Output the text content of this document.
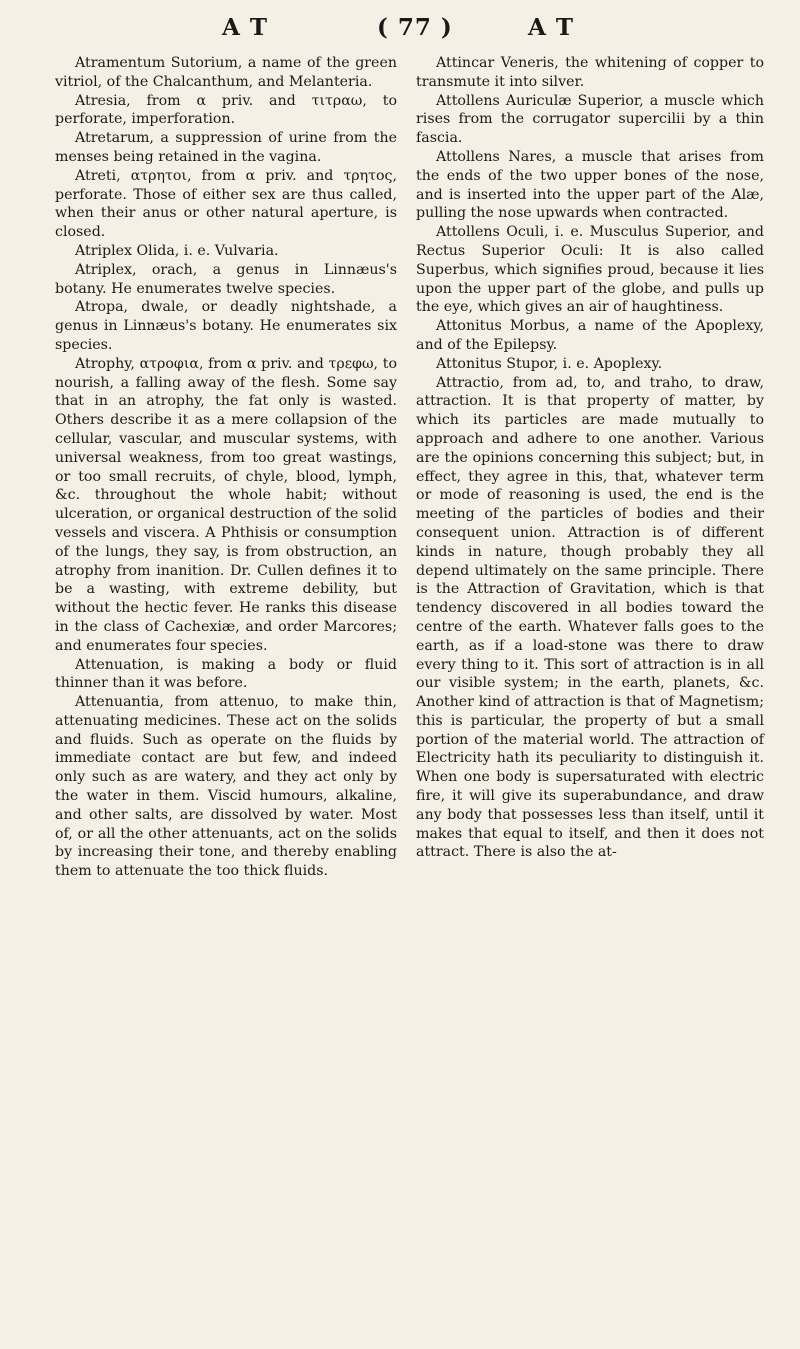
A T	( 77 )	A T

Atramentum Sutorium, a name of the green vitriol, of the Chalcanthum, and Melanteria.

Atresia, from α priv. and τιτραω, to perforate, imperforation.

Atretarum, a suppression of urine from the menses being retained in the vagina.

Atreti, ατρητοι, from α priv. and τρητος, perforate. Those of either sex are thus called, when their anus or other natural aperture, is closed.

Atriplex Olida, i. e. Vulvaria.

Atriplex, orach, a genus in Linnæus's botany. He enumerates twelve species.

Atropa, dwale, or deadly nightshade, a genus in Linnæus's botany. He enumerates six species.

Atrophy, ατροφια, from α priv. and τρεφω, to nourish, a falling away of the flesh. Some say that in an atrophy, the fat only is wasted. Others describe it as a mere collapsion of the cellular, vascular, and muscular systems, with universal weakness, from too great wastings, or too small recruits, of chyle, blood, lymph, &c. throughout the whole habit; without ulceration, or organical destruction of the solid vessels and viscera. A Phthisis or consumption of the lungs, they say, is from obstruction, an atrophy from inanition. Dr. Cullen defines it to be a wasting, with extreme debility, but without the hectic fever. He ranks this disease in the class of Cachexiæ, and order Marcores; and enumerates four species.

Attenuation, is making a body or fluid thinner than it was before.

Attenuantia, from attenuo, to make thin, attenuating medicines. These act on the solids and fluids. Such as operate on the fluids by immediate contact are but few, and indeed only such as are watery, and they act only by the water in them. Viscid humours, alkaline, and other salts, are dissolved by water. Most of, or all the other attenuants, act on the solids by increasing their tone, and thereby enabling them to attenuate the too thick fluids.

Attincar Veneris, the whitening of copper to transmute it into silver.

Attollens Auriculæ Superior, a muscle which rises from the corrugator supercilii by a thin fascia.

Attollens Nares, a muscle that arises from the ends of the two upper bones of the nose, and is inserted into the upper part of the Alæ, pulling the nose upwards when contracted.

Attollens Oculi, i. e. Musculus Superior, and Rectus Superior Oculi: It is also called Superbus, which signifies proud, because it lies upon the upper part of the globe, and pulls up the eye, which gives an air of haughtiness.

Attonitus Morbus, a name of the Apoplexy, and of the Epilepsy.

Attonitus Stupor, i. e. Apoplexy.

Attractio, from ad, to, and traho, to draw, attraction. It is that property of matter, by which its particles are made mutually to approach and adhere to one another. Various are the opinions concerning this subject; but, in effect, they agree in this, that, whatever term or mode of reasoning is used, the end is the meeting of the particles of bodies and their consequent union. Attraction is of different kinds in nature, though probably they all depend ultimately on the same principle. There is the Attraction of Gravitation, which is that tendency discovered in all bodies toward the centre of the earth. Whatever falls goes to the earth, as if a load-stone was there to draw every thing to it. This sort of attraction is in all our visible system; in the earth, planets, &c. Another kind of attraction is that of Magnetism; this is particular, the property of but a small portion of the material world. The attraction of Electricity hath its peculiarity to distinguish it. When one body is supersaturated with electric fire, it will give its superabundance, and draw any body that possesses less than itself, until it makes that equal to itself, and then it does not attract. There is also the at-
